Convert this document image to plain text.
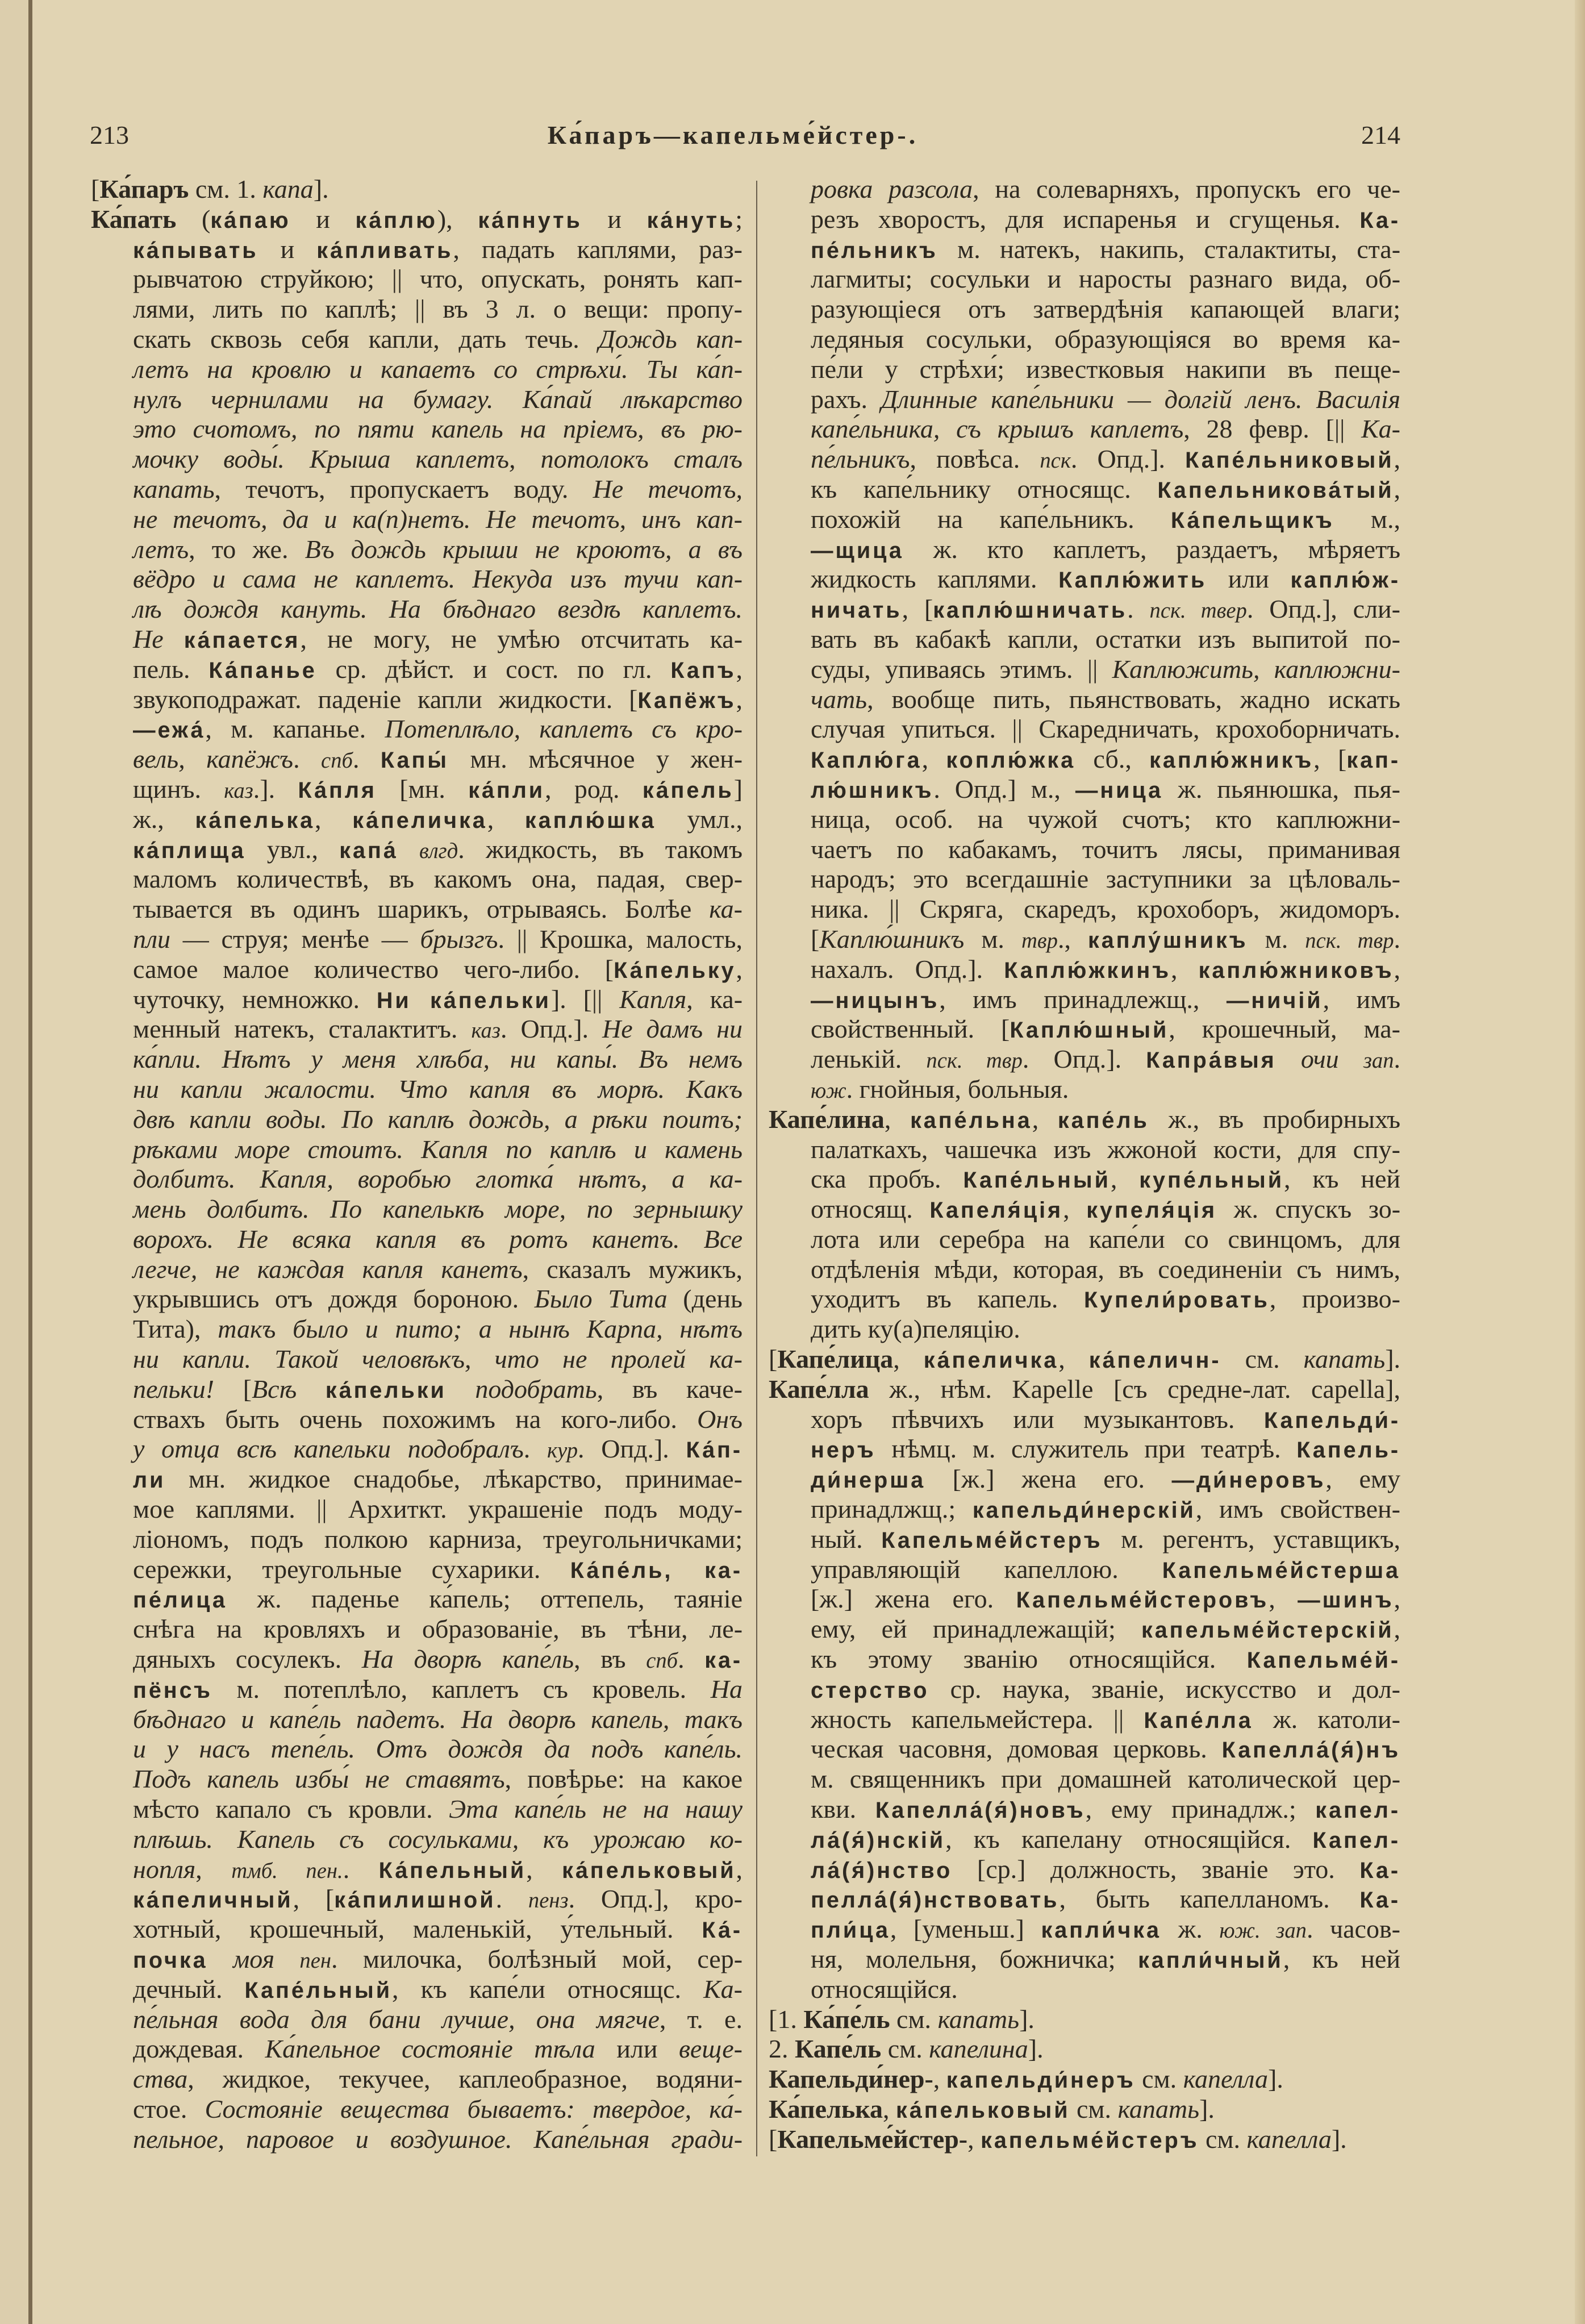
213	Ка́паръ—капельме́йстер-.	214
[Ка́паръ см. 1. капа].
Ка́пать (ка́паю и ка́плю), ка́пнуть и ка́нуть;
ка́пывать и ка́пливать, падать каплями, раз-
рывчатою струйкою; || что, опускать, ронять кап-
лями, лить по каплѣ; || въ 3 л. о вещи: пропу-
скать сквозь себя капли, дать течь. Дождь кап-
летъ на кровлю и капаетъ со стрѣхи́. Ты ка́п-
нулъ чернилами на бумагу. Ка́пай лѣкарство
это счотомъ, по пяти капель на прiемъ, въ рю-
мочку воды́. Крыша каплетъ, потолокъ сталъ
капать, течотъ, пропускаетъ воду. Не течотъ,
не течотъ, да и ка(п)нетъ. Не течотъ, инъ кап-
летъ, то же. Въ дождь крыши не кроютъ, а въ
вёдро и сама не каплетъ. Некуда изъ тучи кап-
лѣ дождя кануть. На бѣднаго вездѣ каплетъ.
Не ка́пается, не могу, не умѣю отсчитать ка-
пель. Ка́панье ср. дѣйст. и сост. по гл. Капъ,
звукоподражат. паденiе капли жидкости. [Капёжъ,
—ежа́, м. капанье. Потеплѣло, каплетъ съ кро-
вель, капёжъ. спб. Капы́ мн. мѣсячное у жен-
щинъ. каз.]. Ка́пля [мн. ка́пли, род. ка́пель]
ж., ка́пелька, ка́пеличка, каплю́шка умл.,
ка́плища увл., капа́ влгд. жидкость, въ такомъ
маломъ количествѣ, въ какомъ она, падая, свер-
тывается въ одинъ шарикъ, отрываясь. Болѣе ка-
пли — струя; менѣе — брызгъ. || Крошка, малость,
самое малое количество чего-либо. [Ка́пельку,
чуточку, немножко. Ни ка́пельки]. [|| Капля, ка-
менный натекъ, сталактитъ. каз. Опд.]. Не дамъ ни
ка́пли. Нѣтъ у меня хлѣба, ни капы́. Въ немъ
ни капли жалости. Что капля въ морѣ. Какъ
двѣ капли воды. По каплѣ дождь, а рѣки поитъ;
рѣками море стоитъ. Капля по каплѣ и камень
долбитъ. Капля, воробью глотка́ нѣтъ, а ка-
мень долбитъ. По капелькѣ море, по зернышку
ворохъ. Не всяка капля въ ротъ канетъ. Все
легче, не каждая капля канетъ, сказалъ мужикъ,
укрывшись отъ дождя бороною. Было Тита (день
Тита), такъ было и пито; а нынѣ Карпа, нѣтъ
ни капли. Такой человѣкъ, что не пролей ка-
пельки! [Всѣ ка́пельки подобрать, въ каче-
ствахъ быть очень похожимъ на кого-либо. Онъ
у отца всѣ капельки подобралъ. кур. Опд.]. Ка́п-
ли мн. жидкое снадобье, лѣкарство, принимае-
мое каплями. || Архиткт. украшенiе подъ моду-
лiономъ, подъ полкою карниза, треугольничками;
сережки, треугольные сухарики. Ка́пе́ль, ка-
пе́лица ж. паденье ка́пель; оттепель, таянiе
снѣга на кровляхъ и образованiе, въ тѣни, ле-
дяныхъ сосулекъ. На дворѣ капе́ль, въ спб. ка-
пёнсъ м. потеплѣло, каплетъ съ кровель. На
бѣднаго и капе́ль падетъ. На дворѣ капель, такъ
и у насъ тепе́ль. Отъ дождя да подъ капе́ль.
Подъ капель избы́ не ставятъ, повѣрье: на какое
мѣсто капало съ кровли. Эта капе́ль не на нашу
плѣшь. Капель съ сосульками, къ урожаю ко-
нопля, тмб. пен.. Ка́пельный, ка́пельковый,
ка́пеличный, [ка́пилишной. пенз. Опд.], кро-
хотный, крошечный, маленькiй, у́тельный. Ка́-
почка моя пен. милочка, болѣзный мой, сер-
дечный. Капе́льный, къ капе́ли относящс. Ка-
пе́льная вода для бани лучше, она мягче, т. е.
дождевая. Ка́пельное состоянiе тѣла или веще-
ства, жидкое, текучее, каплеобразное, водяни-
стое. Состоянiе вещества бываетъ: твердое, ка́-
пельное, паровое и воздушное. Капе́льная гради-
ровка разсола, на солеварняхъ, пропускъ его че-
резъ хворостъ, для испаренья и сгущенья. Ка-
пе́льникъ м. натекъ, накипь, сталактиты, ста-
лагмиты; сосульки и наросты разнаго вида, об-
разующiеся отъ затвердѣнiя капающей влаги;
ледяныя сосульки, образующiяся во время ка-
пе́ли у стрѣхи́; известковыя накипи въ пеще-
рахъ. Длинные капе́льники — долгiй ленъ. Василiя
капе́льника, съ крышъ каплетъ, 28 февр. [|| Ка-
пе́льникъ, повѣса. пск. Опд.]. Капе́льниковый,
къ капе́льнику относящс. Капельникова́тый,
похожiй на капе́льникъ. Ка́пельщикъ м.,
—щица ж. кто каплетъ, раздаетъ, мѣряетъ
жидкость каплями. Каплю́жить или каплю́ж-
ничать, [каплю́шничать. пск. твер. Опд.], сли-
вать въ кабакѣ капли, остатки изъ выпитой по-
суды, упиваясь этимъ. || Каплюжить, каплюжни-
чать, вообще пить, пьянствовать, жадно искать
случая упиться. || Скаредничать, крохоборничать.
Каплю́га, коплю́жка сб., каплю́жникъ, [кап-
лю́шникъ. Опд.] м., —ница ж. пьянюшка, пья-
ница, особ. на чужой счотъ; кто каплюжни-
чаетъ по кабакамъ, точитъ лясы, приманивая
народъ; это всегдашнiе заступники за цѣловаль-
ника. || Скряга, скаредъ, крохоборъ, жидоморъ.
[Каплю́шникъ м. твр., каплу́шникъ м. пск. твр.
нахалъ. Опд.]. Каплю́жкинъ, каплю́жниковъ,
—ницынъ, имъ принадлежщ., —ничiй, имъ
свойственный. [Каплю́шный, крошечный, ма-
ленькiй. пск. твр. Опд.]. Капра́выя очи зап.
юж. гнойныя, больныя.
Капе́лина, капе́льна, капе́ль ж., въ пробирныхъ
палаткахъ, чашечка изъ жжоной кости, для спу-
ска пробъ. Капе́льный, купе́льный, къ ней
относящ. Капеля́цiя, купеля́цiя ж. спускъ зо-
лота или серебра на капе́ли со свинцомъ, для
отдѣленiя мѣди, которая, въ соединенiи съ нимъ,
уходитъ въ капель. Купели́ровать, произво-
дить ку(а)пеляцiю.
[Капе́лица, ка́пеличка, ка́пеличн- см. капать].
Капе́лла ж., нѣм. Kapelle [съ средне-лат. capella],
хоръ пѣвчихъ или музыкантовъ. Капельди́-
неръ нѣмц. м. служитель при театрѣ. Капель-
ди́нерша [ж.] жена его. —ди́неровъ, ему
принадлжщ.; капельди́нерскiй, имъ свойствен-
ный. Капельме́йстеръ м. регентъ, уставщикъ,
управляющiй капеллою. Капельме́йстерша
[ж.] жена его. Капельме́йстеровъ, —шинъ,
ему, ей принадлежащiй; капельме́йстерскiй,
къ этому званiю относящiйся. Капельме́й-
стерство ср. наука, званiе, искусство и дол-
жность капельмейстера. || Капе́лла ж. католи-
ческая часовня, домовая церковь. Капелла́(я́)нъ
м. священникъ при домашней католической цер-
кви. Капелла́(я́)новъ, ему принадлж.; капел-
ла́(я́)нскiй, къ капелану относящiйся. Капел-
ла́(я́)нство [ср.] должность, званiе это. Ка-
пелла́(я́)нствовать, быть капелланомъ. Ка-
пли́ца, [уменьш.] капли́чка ж. юж. зап. часов-
ня, молельня, божничка; капли́чный, къ ней
относящiйся.
[1. Ка́пе́ль см. капать].
2. Капе́ль см. капелина].
Капельди́нер-, капельди́неръ см. капелла].
Ка́пелька, ка́пельковый см. капать].
[Капельме́йстер-, капельме́йстеръ см. капелла].
